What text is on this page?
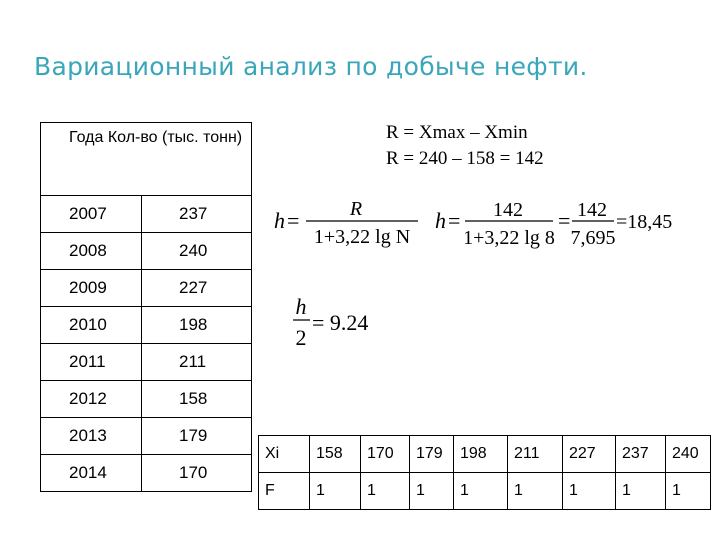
Вариационный анализ по добыче нефти.
Года Кол-во (тыс. тонн)	
2007	237
2008	240
2009	227
2010	198
2011	211
2012	158
2013	179
2014	170
R = Xmax – Xmin
R = 240 – 158 = 142
h =	R
1+3,22 lg N
h = 142
1+3,22 lg 8
= 142
7,695
=18,45
h
2
= 9.24
Xi	158	170	179	198	211	227	237	240
F	1	1	1	1	1	1	1	1
